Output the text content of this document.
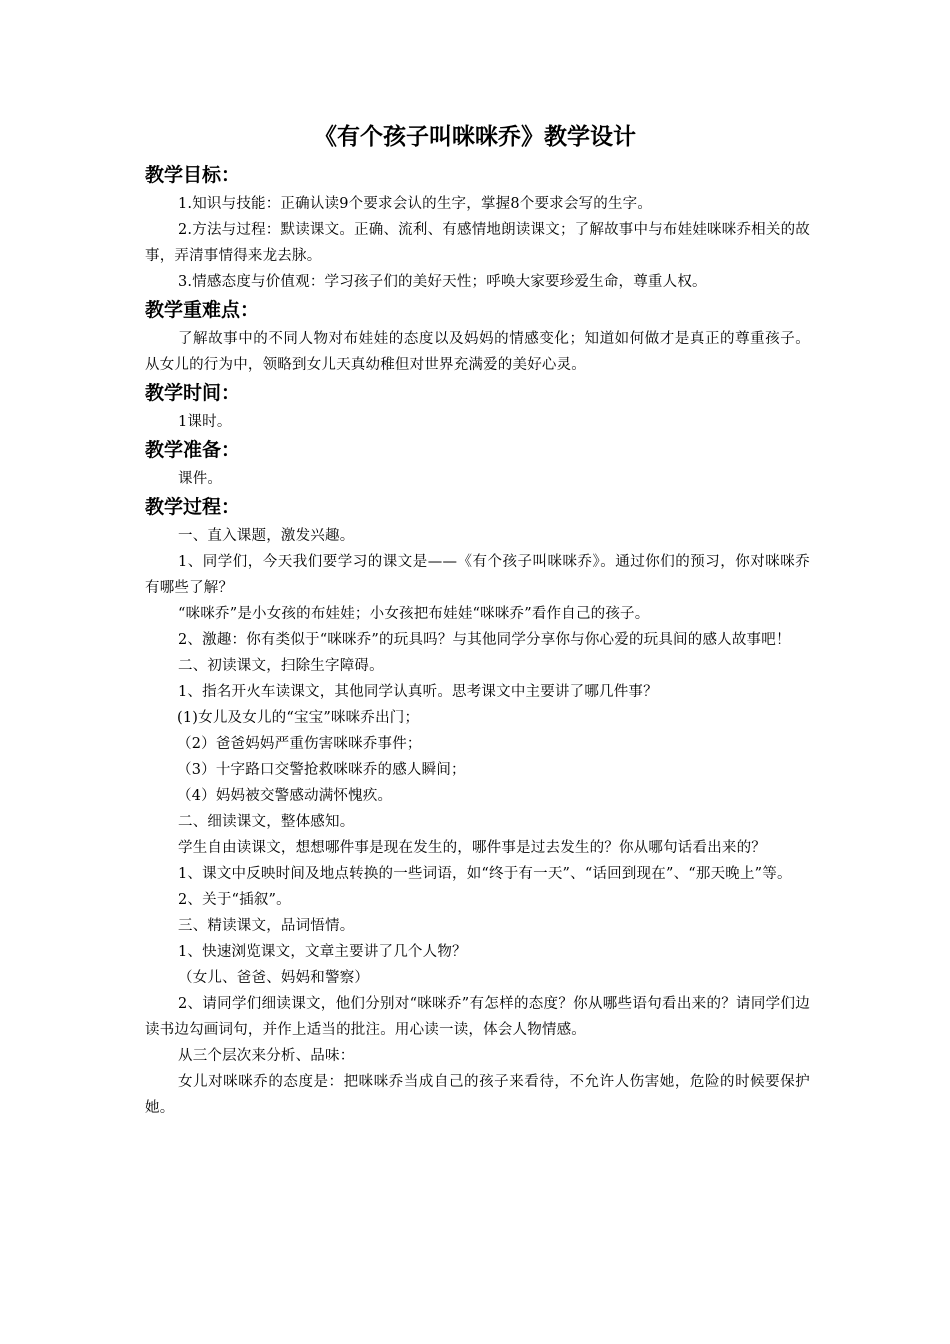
《有个孩子叫咪咪乔》教学设计
教学目标：

1.知识与技能：正确认读9个要求会认的生字，掌握8个要求会写的生字。

2.方法与过程：默读课文。正确、流利、有感情地朗读课文；了解故事中与布娃娃咪咪乔相关的故事，弄清事情得来龙去脉。

3.情感态度与价值观：学习孩子们的美好天性；呼唤大家要珍爱生命，尊重人权。

教学重难点：

了解故事中的不同人物对布娃娃的态度以及妈妈的情感变化；知道如何做才是真正的尊重孩子。从女儿的行为中，领略到女儿天真幼稚但对世界充满爱的美好心灵。

教学时间：

1课时。

教学准备：

课件。

教学过程：

一、直入课题，激发兴趣。

1、同学们，今天我们要学习的课文是——《有个孩子叫咪咪乔》。通过你们的预习，你对咪咪乔有哪些了解？

“咪咪乔”是小女孩的布娃娃；小女孩把布娃娃“咪咪乔”看作自己的孩子。

2、激趣：你有类似于“咪咪乔”的玩具吗？与其他同学分享你与你心爱的玩具间的感人故事吧！

二、初读课文，扫除生字障碍。

1、指名开火车读课文，其他同学认真听。思考课文中主要讲了哪几件事？

(1)女儿及女儿的“宝宝”咪咪乔出门；

（2）爸爸妈妈严重伤害咪咪乔事件；

（3）十字路口交警抢救咪咪乔的感人瞬间；

（4）妈妈被交警感动满怀愧疚。

二、细读课文，整体感知。

学生自由读课文，想想哪件事是现在发生的，哪件事是过去发生的？你从哪句话看出来的？

1、课文中反映时间及地点转换的一些词语，如“终于有一天”、“话回到现在”、“那天晚上”等。

2、关于“插叙”。

三、精读课文，品词悟情。

1、快速浏览课文，文章主要讲了几个人物？

（女儿、爸爸、妈妈和警察）

2、请同学们细读课文，他们分别对“咪咪乔”有怎样的态度？你从哪些语句看出来的？请同学们边读书边勾画词句，并作上适当的批注。用心读一读，体会人物情感。

从三个层次来分析、品味：

女儿对咪咪乔的态度是：把咪咪乔当成自己的孩子来看待，不允许人伤害她，危险的时候要保护她。
